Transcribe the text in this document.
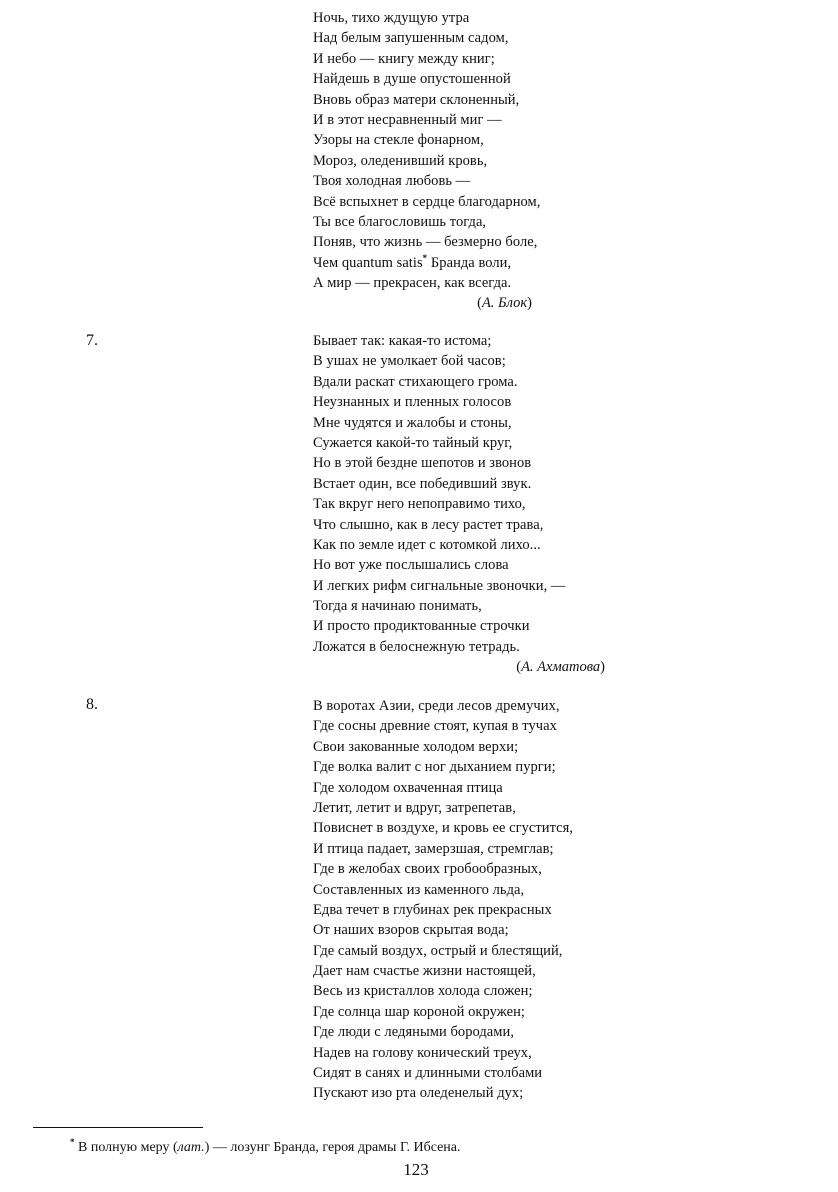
Ночь, тихо ждущую утра
Над белым запушенным садом,
И небо — книгу между книг;
Найдешь в душе опустошенной
Вновь образ матери склоненный,
И в этот несравненный миг —
Узоры на стекле фонарном,
Мороз, оледенивший кровь,
Твоя холодная любовь —
Всё вспыхнет в сердце благодарном,
Ты все благословишь тогда,
Поняв, что жизнь — безмерно боле,
Чем quantum satis* Бранда воли,
А мир — прекрасен, как всегда.
(А. Блок)
7.	Бывает так: какая-то истома;
В ушах не умолкает бой часов;
Вдали раскат стихающего грома.
Неузнанных и пленных голосов
Мне чудятся и жалобы и стоны,
Сужается какой-то тайный круг,
Но в этой бездне шепотов и звонов
Встает один, все победивший звук.
Так вкруг него непоправимо тихо,
Что слышно, как в лесу растет трава,
Как по земле идет с котомкой лихо...
Но вот уже послышались слова
И легких рифм сигнальные звоночки, —
Тогда я начинаю понимать,
И просто продиктованные строчки
Ложатся в белоснежную тетрадь.
(А. Ахматова)
8.	В воротах Азии, среди лесов дремучих,
Где сосны древние стоят, купая в тучах
Свои закованные холодом верхи;
Где волка валит с ног дыханием пурги;
Где холодом охваченная птица
Летит, летит и вдруг, затрепетав,
Повиснет в воздухе, и кровь ее сгустится,
И птица падает, замерзшая, стремглав;
Где в желобах своих гробообразных,
Составленных из каменного льда,
Едва течет в глубинах рек прекрасных
От наших взоров скрытая вода;
Где самый воздух, острый и блестящий,
Дает нам счастье жизни настоящей,
Весь из кристаллов холода сложен;
Где солнца шар короной окружен;
Где люди с ледяными бородами,
Надев на голову конический треух,
Сидят в санях и длинными столбами
Пускают изо рта оледенелый дух;
* В полную меру (лат.) — лозунг Бранда, героя драмы Г. Ибсена.
123
